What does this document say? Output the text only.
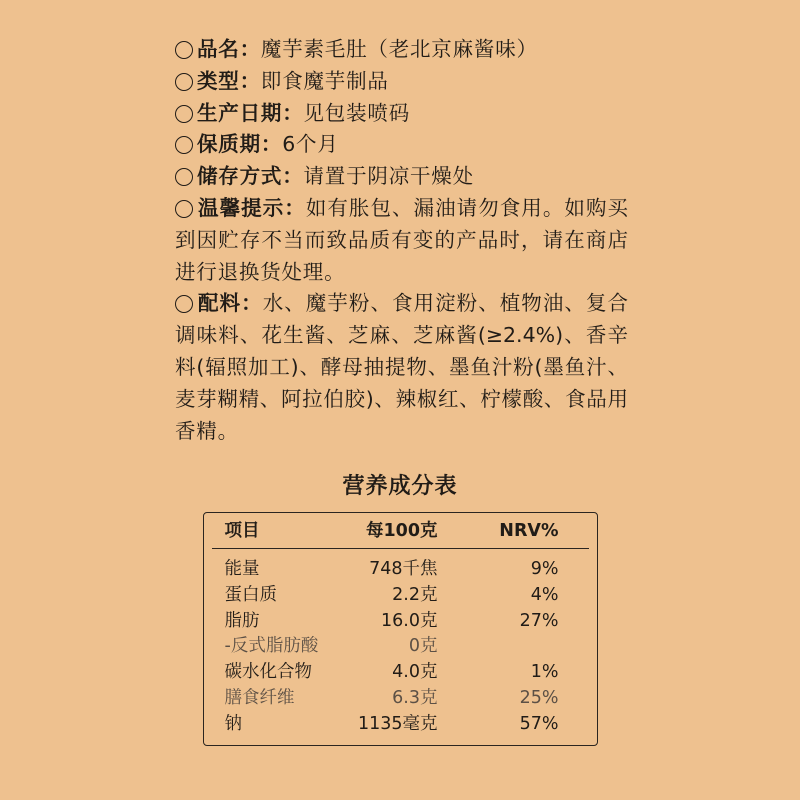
品名：魔芋素毛肚（老北京麻酱味）
类型：即食魔芋制品
生产日期：见包装喷码
保质期：6个月
储存方式：请置于阴凉干燥处
温馨提示：如有胀包、漏油请勿食用。如购买
到因贮存不当而致品质有变的产品时，请在商店
进行退换货处理。
配料：水、魔芋粉、食用淀粉、植物油、复合
调味料、花生酱、芝麻、芝麻酱(≥2.4%)、香辛
料(辐照加工)、酵母抽提物、墨鱼汁粉(墨鱼汁、
麦芽糊精、阿拉伯胶)、辣椒红、柠檬酸、食品用
香精。
营养成分表
项目	每100克	NRV%
能量	748千焦	9%
蛋白质	2.2克	4%
脂肪	16.0克	27%
-反式脂肪酸	0克
碳水化合物	4.0克	1%
膳食纤维	6.3克	25%
钠	1135毫克	57%
